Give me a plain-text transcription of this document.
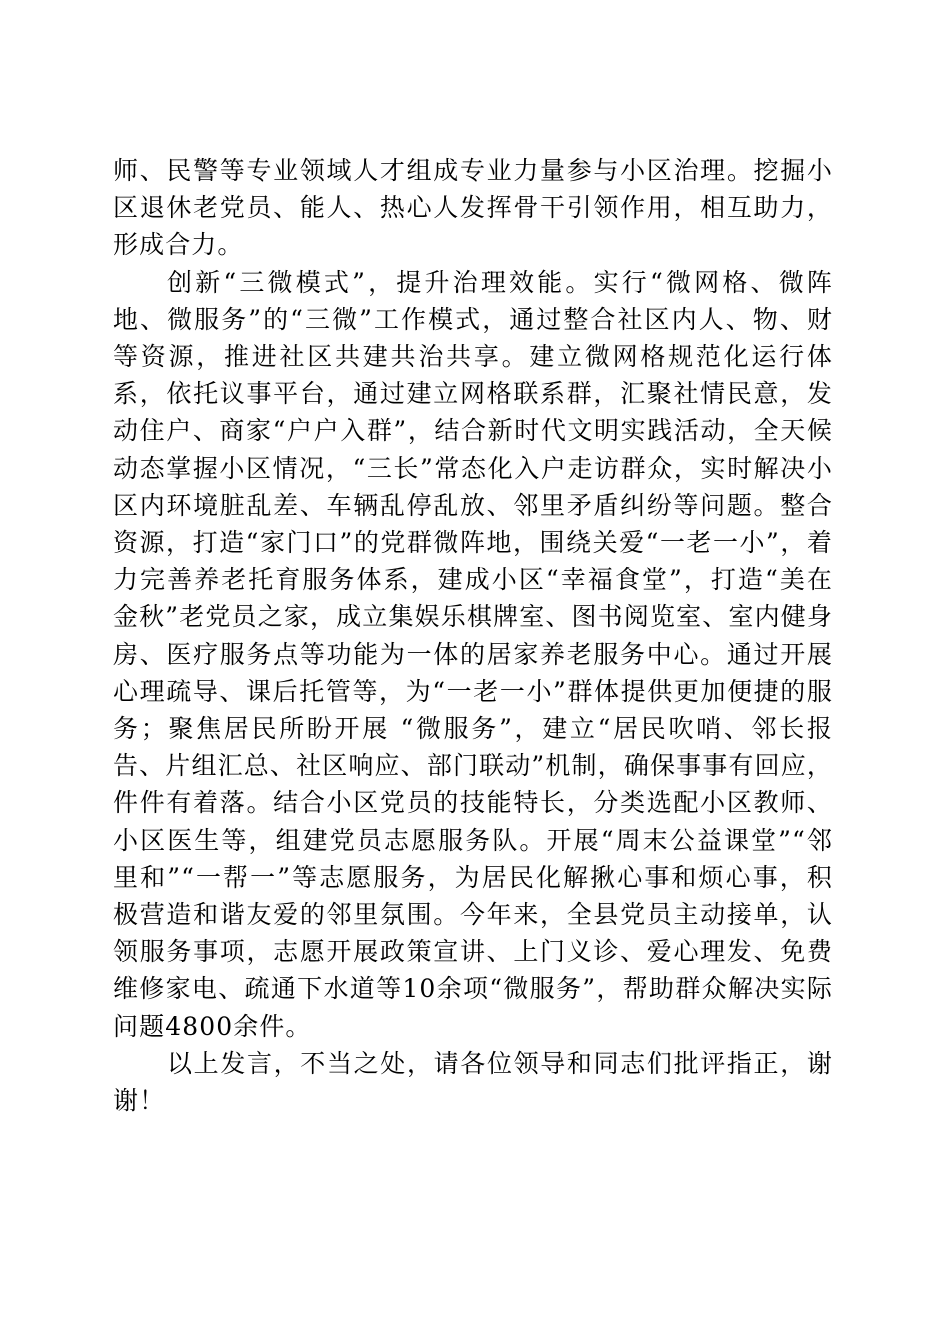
师、民警等专业领域人才组成专业力量参与小区治理。挖掘小区退休老党员、能人、热心人发挥骨干引领作用，相互助力，形成合力。

创新“三微模式”，提升治理效能。实行“微网格、微阵地、微服务”的“三微”工作模式，通过整合社区内人、物、财等资源，推进社区共建共治共享。建立微网格规范化运行体系，依托议事平台，通过建立网格联系群，汇聚社情民意，发动住户、商家“户户入群”，结合新时代文明实践活动，全天候动态掌握小区情况，“三长”常态化入户走访群众，实时解决小区内环境脏乱差、车辆乱停乱放、邻里矛盾纠纷等问题。整合资源，打造“家门口”的党群微阵地，围绕关爱“一老一小”，着力完善养老托育服务体系，建成小区“幸福食堂”，打造“美在金秋”老党员之家，成立集娱乐棋牌室、图书阅览室、室内健身房、医疗服务点等功能为一体的居家养老服务中心。通过开展心理疏导、课后托管等，为“一老一小”群体提供更加便捷的服务；聚焦居民所盼开展 “微服务”，建立“居民吹哨、邻长报告、片组汇总、社区响应、部门联动”机制，确保事事有回应，件件有着落。结合小区党员的技能特长，分类选配小区教师、小区医生等，组建党员志愿服务队。开展“周末公益课堂”“邻里和”“一帮一”等志愿服务，为居民化解揪心事和烦心事，积极营造和谐友爱的邻里氛围。今年来，全县党员主动接单，认领服务事项，志愿开展政策宣讲、上门义诊、爱心理发、免费维修家电、疏通下水道等10余项“微服务”，帮助群众解决实际问题4800余件。

以上发言，不当之处，请各位领导和同志们批评指正，谢谢！
